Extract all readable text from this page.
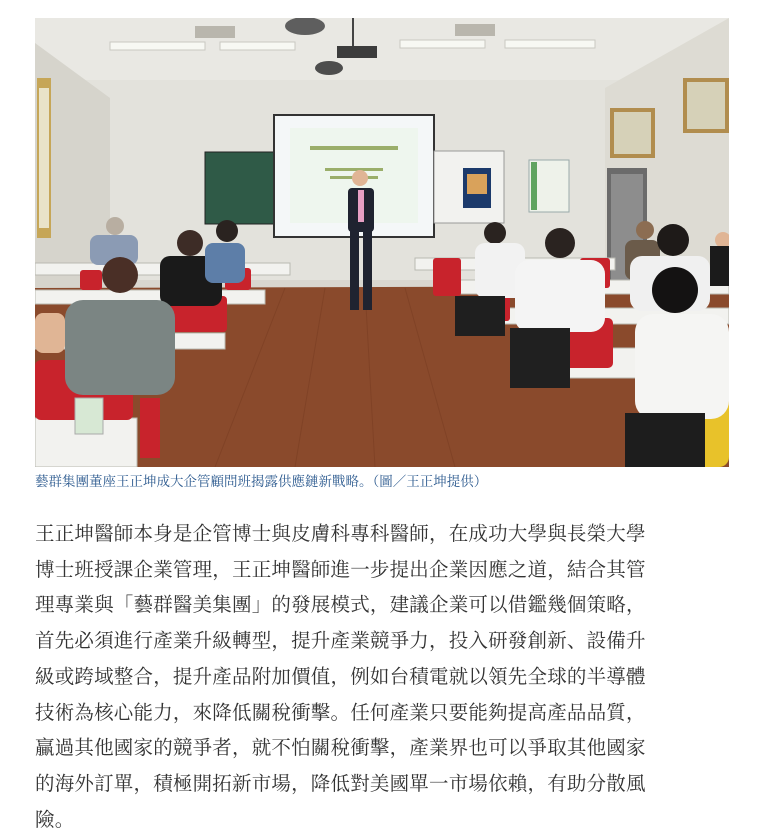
藝群集團董座王正坤成大企管顧問班揭露供應鏈新戰略。（圖／王正坤提供）

王正坤醫師本身是企管博士與皮膚科專科醫師，在成功大學與長榮大學
博士班授課企業管理，王正坤醫師進一步提出企業因應之道，結合其管
理專業與「藝群醫美集團」的發展模式，建議企業可以借鑑幾個策略，
首先必須進行產業升級轉型，提升產業競爭力，投入研發創新、設備升
級或跨域整合，提升產品附加價值，例如台積電就以領先全球的半導體
技術為核心能力，來降低關稅衝擊。任何產業只要能夠提高產品品質，
贏過其他國家的競爭者，就不怕關稅衝擊，產業界也可以爭取其他國家
的海外訂單，積極開拓新市場，降低對美國單一市場依賴，有助分散風
險。
